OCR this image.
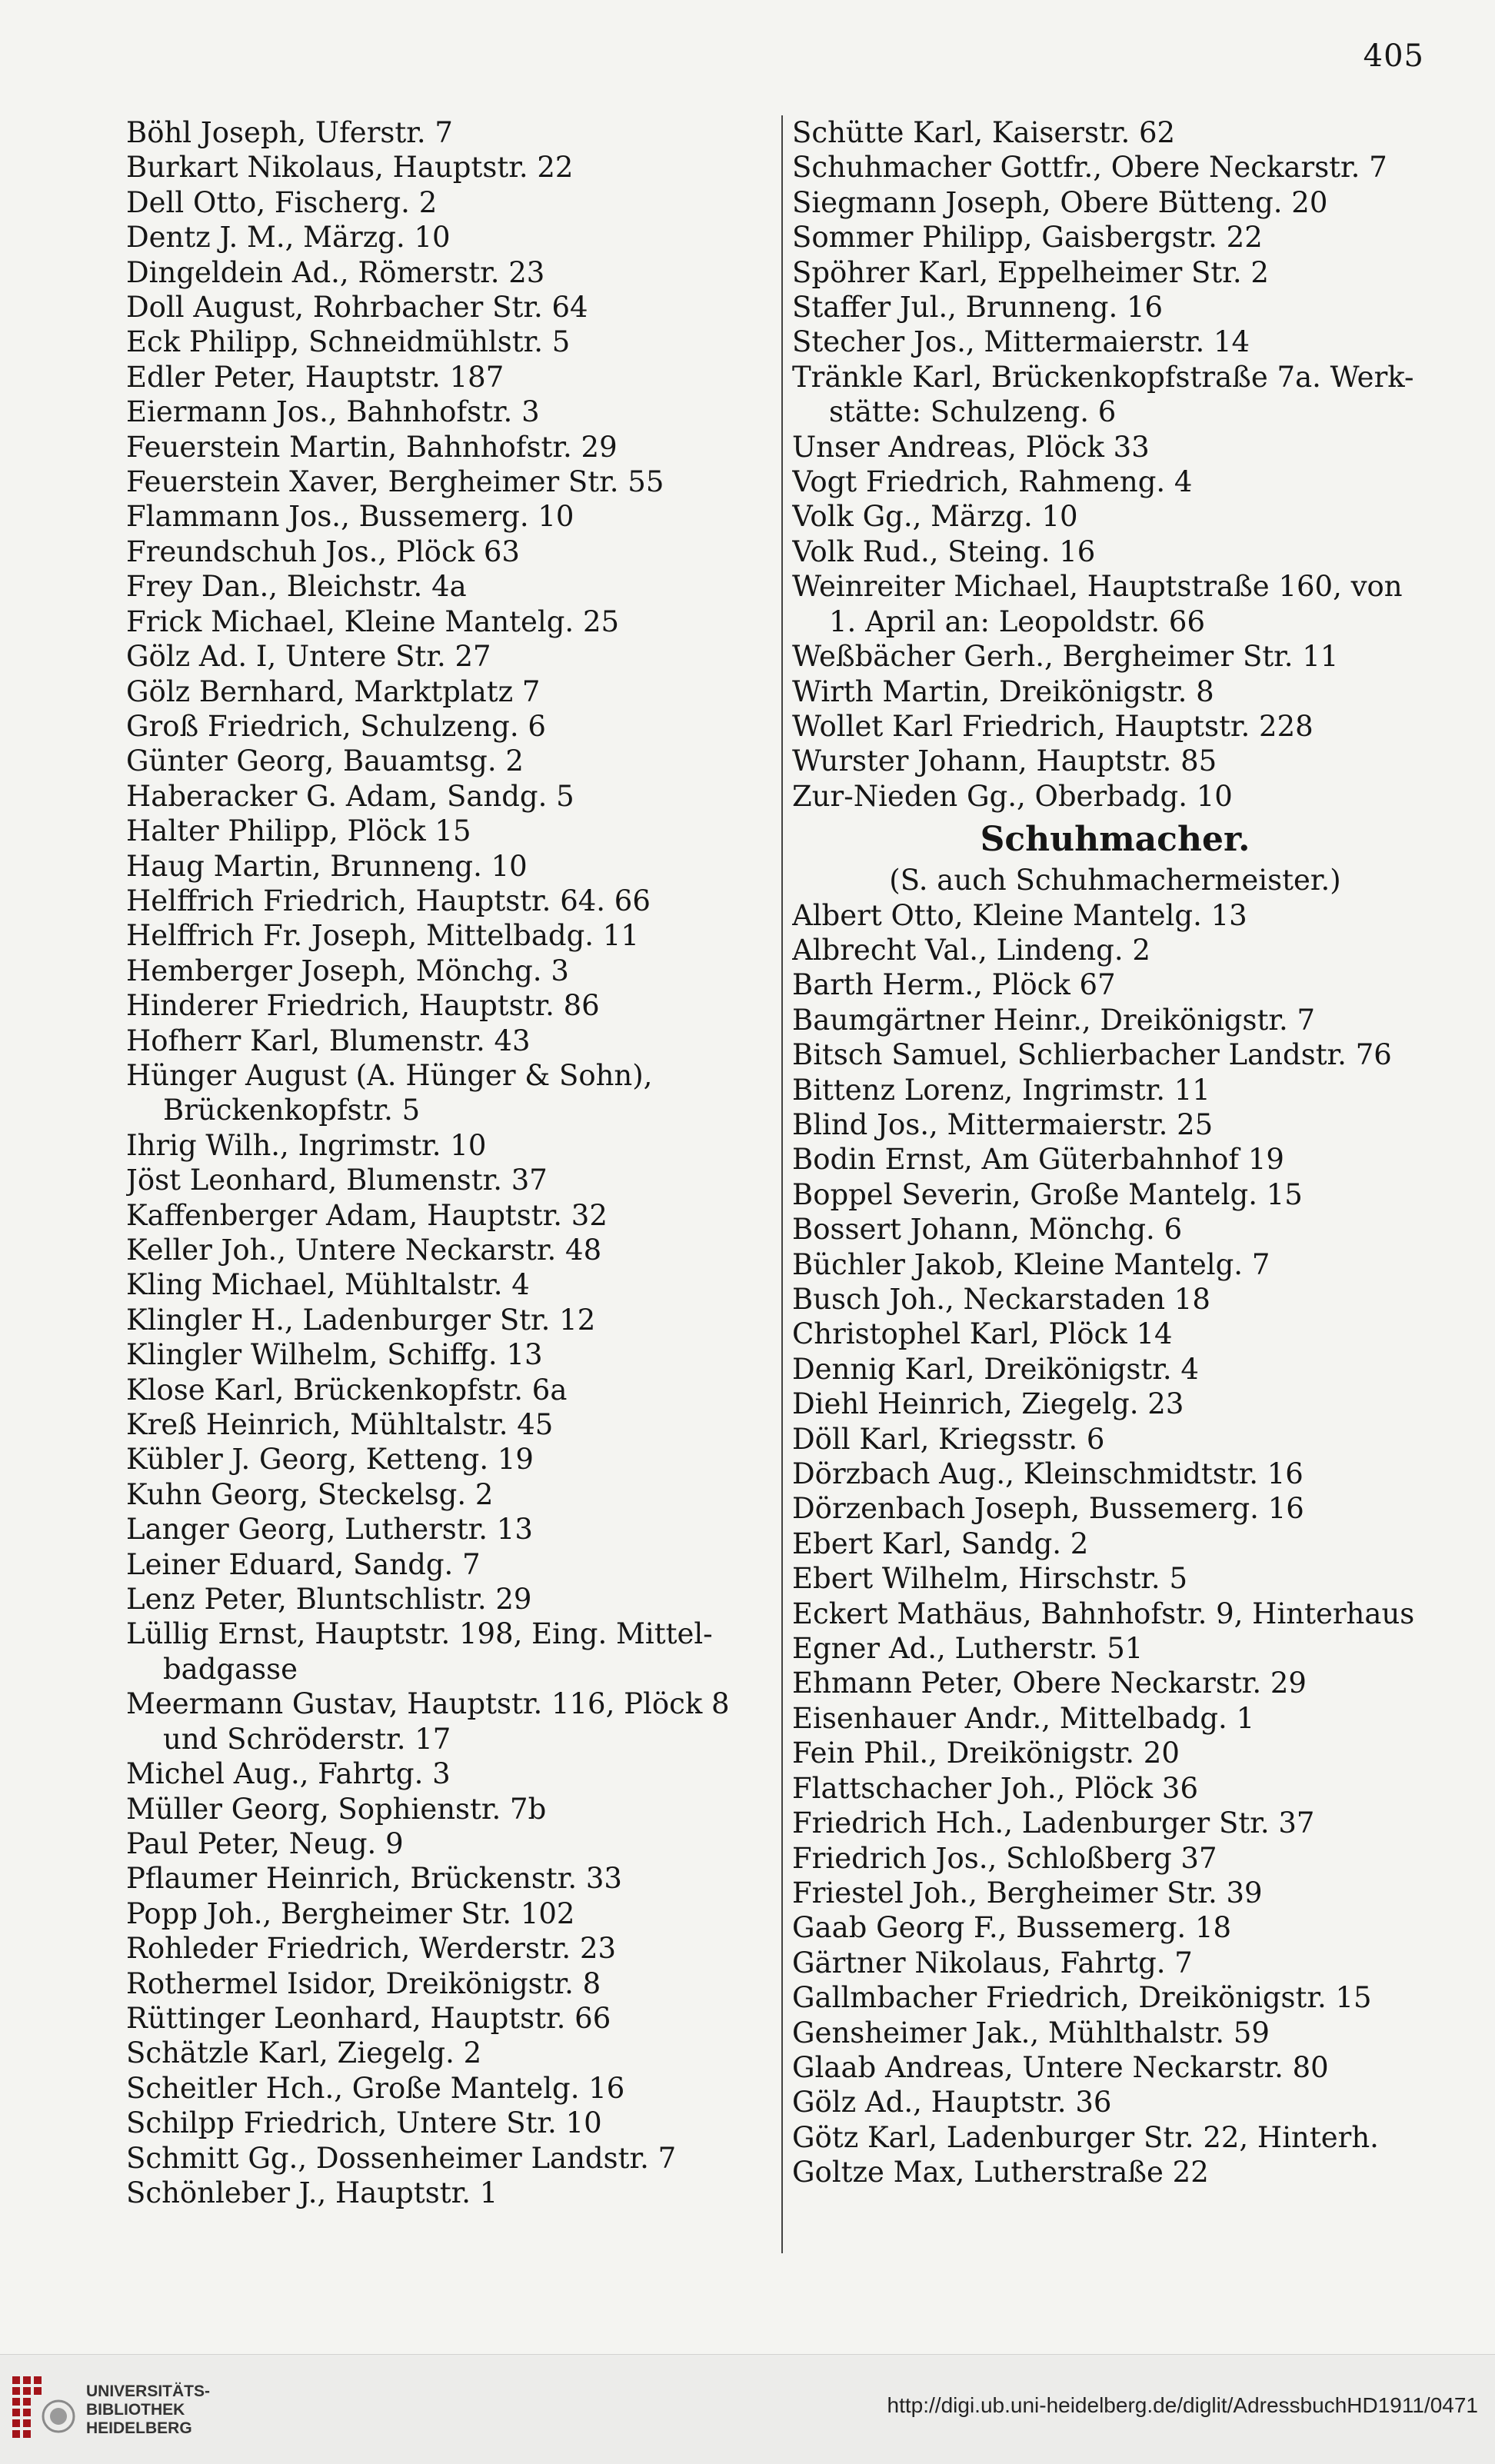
405
Böhl Joseph, Uferstr. 7
Burkart Nikolaus, Hauptstr. 22
Dell Otto, Fischerg. 2
Dentz J. M., Märzg. 10
Dingeldein Ad., Römerstr. 23
Doll August, Rohrbacher Str. 64
Eck Philipp, Schneidmühlstr. 5
Edler Peter, Hauptstr. 187
Eiermann Jos., Bahnhofstr. 3
Feuerstein Martin, Bahnhofstr. 29
Feuerstein Xaver, Bergheimer Str. 55
Flammann Jos., Bussemerg. 10
Freundschuh Jos., Plöck 63
Frey Dan., Bleichstr. 4a
Frick Michael, Kleine Mantelg. 25
Gölz Ad. I, Untere Str. 27
Gölz Bernhard, Marktplatz 7
Groß Friedrich, Schulzeng. 6
Günter Georg, Bauamtsg. 2
Haberacker G. Adam, Sandg. 5
Halter Philipp, Plöck 15
Haug Martin, Brunneng. 10
Helffrich Friedrich, Hauptstr. 64. 66
Helffrich Fr. Joseph, Mittelbadg. 11
Hemberger Joseph, Mönchg. 3
Hinderer Friedrich, Hauptstr. 86
Hofherr Karl, Blumenstr. 43
Hünger August (A. Hünger & Sohn),
Brückenkopfstr. 5
Ihrig Wilh., Ingrimstr. 10
Jöst Leonhard, Blumenstr. 37
Kaffenberger Adam, Hauptstr. 32
Keller Joh., Untere Neckarstr. 48
Kling Michael, Mühltalstr. 4
Klingler H., Ladenburger Str. 12
Klingler Wilhelm, Schiffg. 13
Klose Karl, Brückenkopfstr. 6a
Kreß Heinrich, Mühltalstr. 45
Kübler J. Georg, Ketteng. 19
Kuhn Georg, Steckelsg. 2
Langer Georg, Lutherstr. 13
Leiner Eduard, Sandg. 7
Lenz Peter, Bluntschlistr. 29
Lüllig Ernst, Hauptstr. 198, Eing. Mittel-
badgasse
Meermann Gustav, Hauptstr. 116, Plöck 8
und Schröderstr. 17
Michel Aug., Fahrtg. 3
Müller Georg, Sophienstr. 7b
Paul Peter, Neug. 9
Pflaumer Heinrich, Brückenstr. 33
Popp Joh., Bergheimer Str. 102
Rohleder Friedrich, Werderstr. 23
Rothermel Isidor, Dreikönigstr. 8
Rüttinger Leonhard, Hauptstr. 66
Schätzle Karl, Ziegelg. 2
Scheitler Hch., Große Mantelg. 16
Schilpp Friedrich, Untere Str. 10
Schmitt Gg., Dossenheimer Landstr. 7
Schönleber J., Hauptstr. 1
Schütte Karl, Kaiserstr. 62
Schuhmacher Gottfr., Obere Neckarstr. 7
Siegmann Joseph, Obere Bütteng. 20
Sommer Philipp, Gaisbergstr. 22
Spöhrer Karl, Eppelheimer Str. 2
Staffer Jul., Brunneng. 16
Stecher Jos., Mittermaierstr. 14
Tränkle Karl, Brückenkopfstraße 7a. Werk-
stätte: Schulzeng. 6
Unser Andreas, Plöck 33
Vogt Friedrich, Rahmeng. 4
Volk Gg., Märzg. 10
Volk Rud., Steing. 16
Weinreiter Michael, Hauptstraße 160, von
1. April an: Leopoldstr. 66
Weßbächer Gerh., Bergheimer Str. 11
Wirth Martin, Dreikönigstr. 8
Wollet Karl Friedrich, Hauptstr. 228
Wurster Johann, Hauptstr. 85
Zur-Nieden Gg., Oberbadg. 10
Schuhmacher.
(S. auch Schuhmachermeister.)
Albert Otto, Kleine Mantelg. 13
Albrecht Val., Lindeng. 2
Barth Herm., Plöck 67
Baumgärtner Heinr., Dreikönigstr. 7
Bitsch Samuel, Schlierbacher Landstr. 76
Bittenz Lorenz, Ingrimstr. 11
Blind Jos., Mittermaierstr. 25
Bodin Ernst, Am Güterbahnhof 19
Boppel Severin, Große Mantelg. 15
Bossert Johann, Mönchg. 6
Büchler Jakob, Kleine Mantelg. 7
Busch Joh., Neckarstaden 18
Christophel Karl, Plöck 14
Dennig Karl, Dreikönigstr. 4
Diehl Heinrich, Ziegelg. 23
Döll Karl, Kriegsstr. 6
Dörzbach Aug., Kleinschmidtstr. 16
Dörzenbach Joseph, Bussemerg. 16
Ebert Karl, Sandg. 2
Ebert Wilhelm, Hirschstr. 5
Eckert Mathäus, Bahnhofstr. 9, Hinterhaus
Egner Ad., Lutherstr. 51
Ehmann Peter, Obere Neckarstr. 29
Eisenhauer Andr., Mittelbadg. 1
Fein Phil., Dreikönigstr. 20
Flattschacher Joh., Plöck 36
Friedrich Hch., Ladenburger Str. 37
Friedrich Jos., Schloßberg 37
Friestel Joh., Bergheimer Str. 39
Gaab Georg F., Bussemerg. 18
Gärtner Nikolaus, Fahrtg. 7
Gallmbacher Friedrich, Dreikönigstr. 15
Gensheimer Jak., Mühlthalstr. 59
Glaab Andreas, Untere Neckarstr. 80
Gölz Ad., Hauptstr. 36
Götz Karl, Ladenburger Str. 22, Hinterh.
Goltze Max, Lutherstraße 22
UNIVERSITÄTS-
BIBLIOTHEK
HEIDELBERG
http://digi.ub.uni-heidelberg.de/diglit/AdressbuchHD1911/0471
